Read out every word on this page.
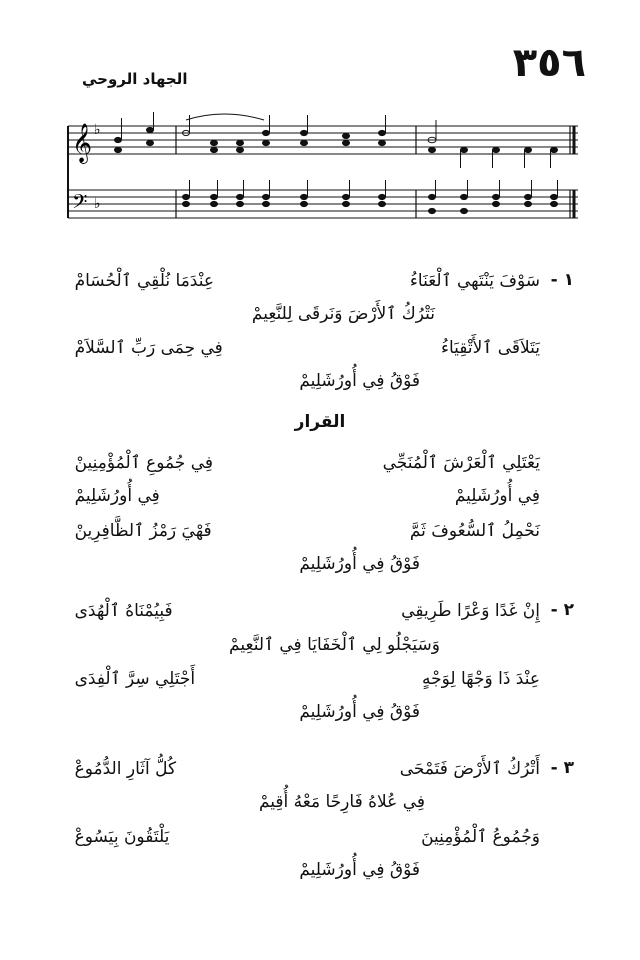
٣٥٦
الجهاد الروحي
𝄞
𝄢
♭
♭
١ -
سَوْفَ يَنْتَهي ٱلْعَنَاءُ عِنْدَمَا نُلْقِي ٱلْحُسَامْ
نَتْرُكُ ٱلأَرْضَ وَنَرقَى لِلنَّعِيمْ
يَتَلاَقَى ٱلأَتْقِيَاءُ فِي حِمَى رَبِّ ٱلسَّلاَمْ
فَوْقُ فِي أُورُشَلِيمْ
القرار
يَعْتَلِي ٱلْعَرْشَ ٱلْمُنَجِّي فِي جُمُوعِ ٱلْمُؤْمِنِينْ
فِي أُورُشَلِيمْ فِي أُورُشَلِيمْ
نَحْمِلُ ٱلسُّعُوفَ ثَمَّ فَهْيَ رَمْزُ ٱلظَّافِرِينْ
فَوْقُ فِي أُورُشَلِيمْ
٢ -
إِنْ غَدًا وَعْرًا طَرِيقِي فَبِيُمْنَاهُ ٱلْهُدَى
وَسَيَجْلُو لِي ٱلْخَفَايَا فِي ٱلنَّعِيمْ
عِنْدَ ذَا وَجْهًا لِوَجْهٍ أَجْتَلِي سِرَّ ٱلْفِدَى
فَوْقُ فِي أُورُشَلِيمْ
٣ -
أَتْرُكُ ٱلأَرْضَ فَتَمْحَى كُلُّ آثَارِ الدُّمُوعْ
فِي عُلاهُ فَارِحًا مَعْهُ أُقِيمْ
وَجُمُوعُ ٱلْمُؤْمِنِينَ يَلْتَقُونَ بِيَسُوعْ
فَوْقُ فِي أُورُشَلِيمْ
